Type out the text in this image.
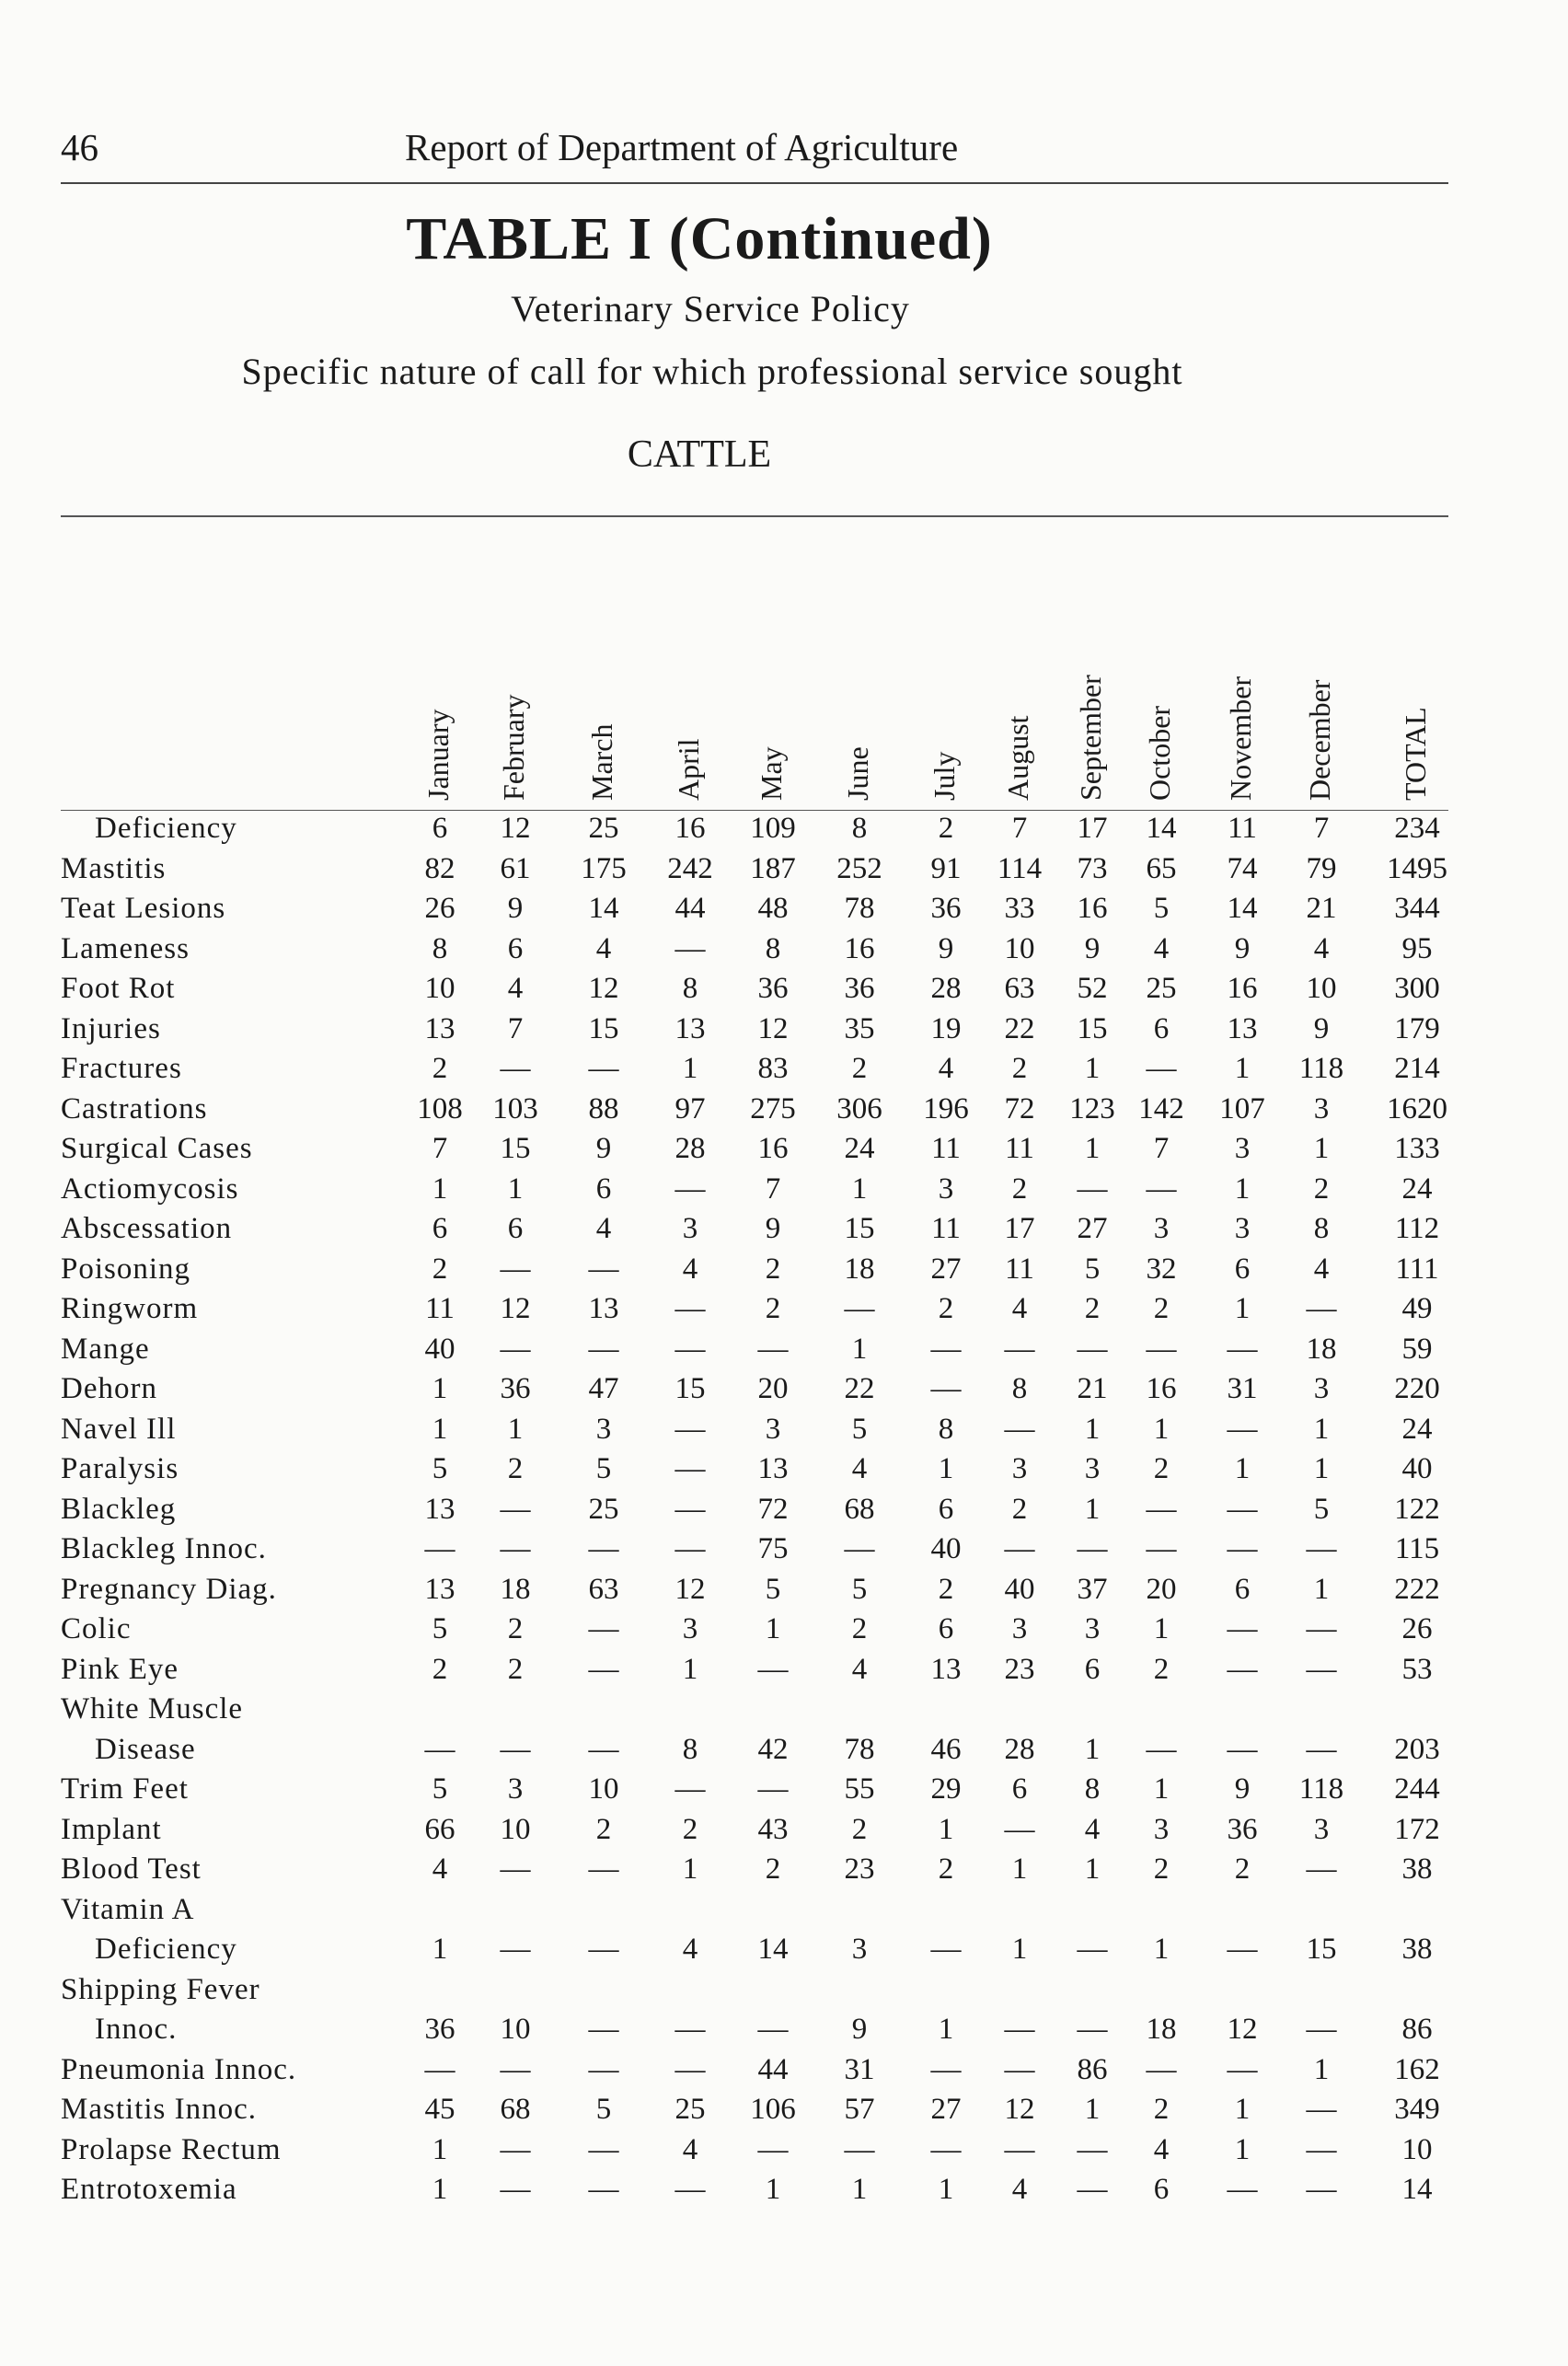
46	Report of Department of Agriculture
TABLE I (Continued)
Veterinary Service Policy
Specific nature of call for which professional service sought
CATTLE
January February March April May June July August September October November December TOTAL
Deficiency	6	12	25	16	109	8	2	7	17	14	11	7	234
Mastitis	82	61	175	242	187	252	91	114	73	65	74	79	1495
Teat Lesions	26	9	14	44	48	78	36	33	16	5	14	21	344
Lameness	8	6	4	—	8	16	9	10	9	4	9	4	95
Foot Rot	10	4	12	8	36	36	28	63	52	25	16	10	300
Injuries	13	7	15	13	12	35	19	22	15	6	13	9	179
Fractures	2	—	—	1	83	2	4	2	1	—	1	118	214
Castrations	108 103	88	97	275	306	196	72	123 142	107	3	1620
Surgical Cases	7	15	9	28	16	24	11	11	1	7	3	1	133
Actiomycosis	1	1	6	—	7	1	3	2	—	—	1	2	24
Abscessation	6	6	4	3	9	15	11	17	27	3	3	8	112
Poisoning	2	—	—	4	2	18	27	11	5	32	6	4	111
Ringworm	11	12	13	—	2	—	2	4	2	2	1	—	49
Mange	40	—	—	—	—	1	—	—	—	—	—	18	59
Dehorn	1	36	47	15	20	22	—	8	21	16	31	3	220
Navel Ill	1	1	3	—	3	5	8	—	1	1	—	1	24
Paralysis	5	2	5	—	13	4	1	3	3	2	1	1	40
Blackleg	13	—	25	—	72	68	6	2	1	—	—	5	122
Blackleg Innoc.	—	—	—	—	75	—	40	—	—	—	—	—	115
Pregnancy Diag.	13	18	63	12	5	5	2	40	37	20	6	1	222
Colic	5	2	—	3	1	2	6	3	3	1	—	—	26
Pink Eye	2	2	—	1	—	4	13	23	6	2	—	—	53
White Muscle
Disease	—	—	—	8	42	78	46	28	1	—	—	—	203
Trim Feet	5	3	10	—	—	55	29	6	8	1	9	118	244
Implant	66	10	2	2	43	2	1	—	4	3	36	3	172
Blood Test	4	—	—	1	2	23	2	1	1	2	2	—	38
Vitamin A
Deficiency	1	—	—	4	14	3	—	1	—	1	—	15	38
Shipping Fever
Innoc.	36	10	—	—	—	9	1	—	—	18	12	—	86
Pneumonia Innoc.	—	—	—	—	44	31	—	—	86	—	—	1	162
Mastitis Innoc.	45	68	5	25	106	57	27	12	1	2	1	—	349
Prolapse Rectum	1	—	—	4	—	—	—	—	—	4	1	—	10
Entrotoxemia	1	—	—	—	1	1	1	4	—	6	—	—	14
